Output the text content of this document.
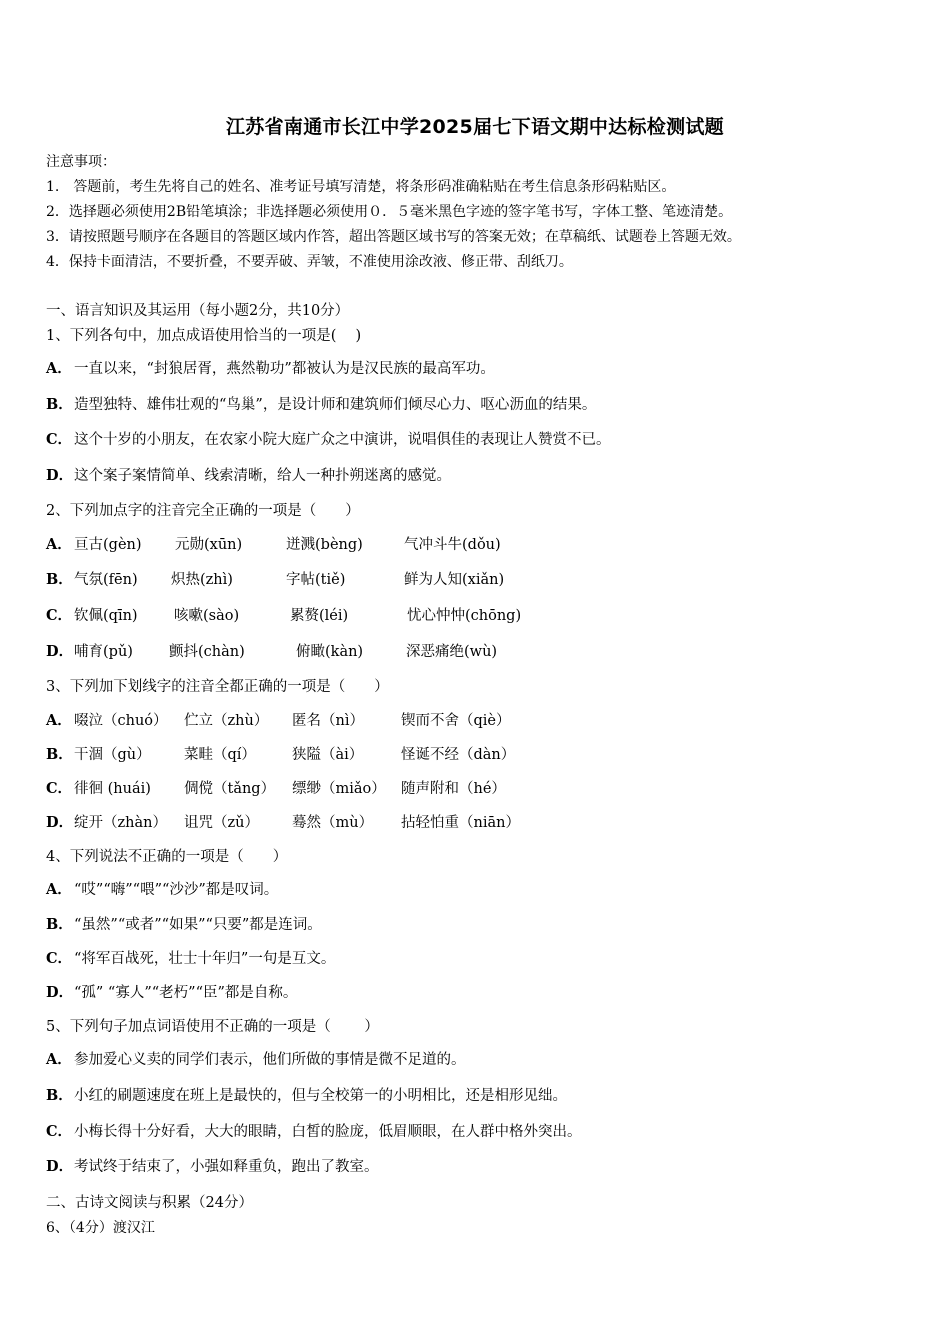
江苏省南通市长江中学2025届七下语文期中达标检测试题
注意事项：
1.　答题前，考生先将自己的姓名、准考证号填写清楚，将条形码准确粘贴在考生信息条形码粘贴区。
2．选择题必须使用2B铅笔填涂；非选择题必须使用０．５毫米黑色字迹的签字笔书写，字体工整、笔迹清楚。
3．请按照题号顺序在各题目的答题区域内作答，超出答题区域书写的答案无效；在草稿纸、试题卷上答题无效。
4．保持卡面清洁，不要折叠，不要弄破、弄皱，不准使用涂改液、修正带、刮纸刀。
一、语言知识及其运用（每小题2分，共10分）
1、下列各句中，加点成语使用恰当的一项是(　 )
A． 一直以来，“封狼居胥，燕然勒功”都被认为是汉民族的最高军功。
B．造型独特、雄伟壮观的“鸟巢”，是设计师和建筑师们倾尽心力、呕心沥血的结果。
C． 这个十岁的小朋友，在农家小院大庭广众之中演讲，说唱俱佳的表现让人赞赏不已。
D．这个案子案情简单、线索清晰，给人一种扑朔迷离的感觉。
2、下列加点字的注音完全正确的一项是（　　）
A． 亘古(gèn) 元勋(xūn)	迸溅(bèng)	气冲斗牛(dǒu)
B． 气氛(fēn) 炽热(zhì)	字帖(tiě)	鲜为人知(xiǎn)
C． 钦佩(qīn)	咳嗽(sào)	累赘(léi)	忧心忡忡(chōng)
D． 哺育(pǔ) 颤抖(chàn)	俯瞰(kàn)	深恶痛绝(wù)
3、下列加下划线字的注音全都正确的一项是（　　）
A． 啜泣（chuó） 伫立（zhù） 匿名（nì）	锲而不舍（qiè）
B． 干涸（gù） 菜畦（qí） 狭隘（ài）	怪诞不经（dàn）
C． 徘徊 (huái) 倜傥（tǎng） 缥缈（miǎo） 随声附和（hé）
D． 绽开（zhàn） 诅咒（zǔ） 蓦然（mù） 拈轻怕重（niān）
4、下列说法不正确的一项是（　　）
A． “哎”“嗨”“喂”“沙沙”都是叹词。
B．“虽然”“或者”“如果”“只要”都是连词。
C． “将军百战死，壮士十年归”一句是互文。
D．“孤” “寡人”“老朽”“臣”都是自称。
5、下列句子加点词语使用不正确的一项是（　　 ）
A． 参加爱心义卖的同学们表示，他们所做的事情是微不足道的。
B．小红的刷题速度在班上是最快的，但与全校第一的小明相比，还是相形见绌。
C． 小梅长得十分好看，大大的眼睛，白皙的脸庞，低眉顺眼，在人群中格外突出。
D．考试终于结束了，小强如释重负，跑出了教室。
二、古诗文阅读与积累（24分）
6、（4分）渡汉江
